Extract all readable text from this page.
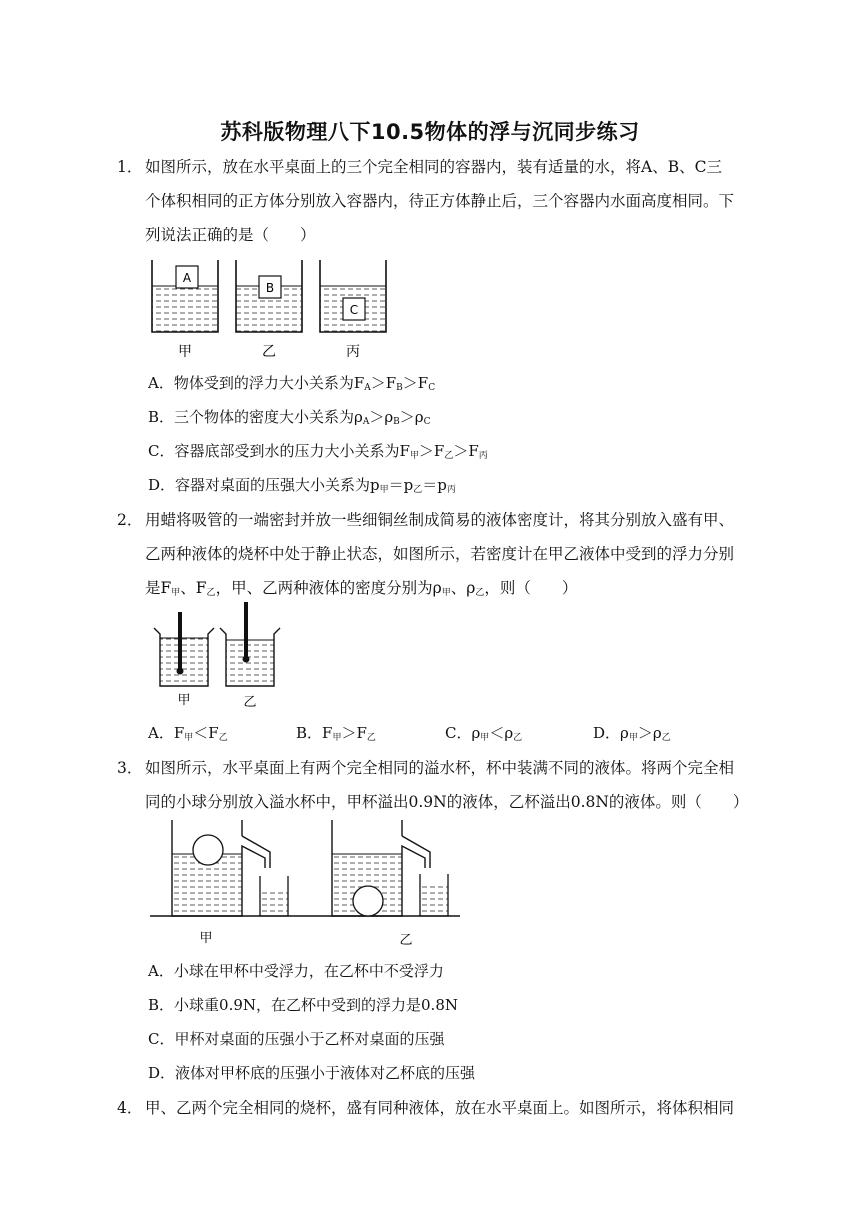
苏科版物理八下10.5物体的浮与沉同步练习
1． 如图所示，放在水平桌面上的三个完全相同的容器内，装有适量的水，将A、B、C三
个体积相同的正方体分别放入容器内，待正方体静止后，三个容器内水面高度相同。下
列说法正确的是（　　）
A
B
C
甲	乙	丙
A．物体受到的浮力大小关系为$F_A>F_B>F_C$
B．三个物体的密度大小关系为$\rho_A>\rho_B>\rho_C$
C．容器底部受到水的压力大小关系为$F_甲>F_乙>F_丙$
D．容器对桌面的压强大小关系为$p_甲=p_乙=p_丙$
2． 用蜡将吸管的一端密封并放一些细铜丝制成简易的液体密度计，将其分别放入盛有甲、
乙两种液体的烧杯中处于静止状态，如图所示，若密度计在甲乙液体中受到的浮力分别
是$F_甲$、$F_乙$，甲、乙两种液体的密度分别为$\rho_甲$、$\rho_乙$，则（　　）
甲	乙
A．$F_甲<F_乙$	B．$F_甲>F_乙$	C．$\rho_甲<\rho_乙$	D．$\rho_甲>\rho_乙$
3． 如图所示，水平桌面上有两个完全相同的溢水杯，杯中装满不同的液体。将两个完全相
同的小球分别放入溢水杯中，甲杯溢出0.9N的液体，乙杯溢出0.8N的液体。则（　　）
甲	乙
A．小球在甲杯中受浮力，在乙杯中不受浮力
B．小球重0.9N，在乙杯中受到的浮力是0.8N
C．甲杯对桌面的压强小于乙杯对桌面的压强
D．液体对甲杯底的压强小于液体对乙杯底的压强
4． 甲、乙两个完全相同的烧杯，盛有同种液体，放在水平桌面上。如图所示，将体积相同
